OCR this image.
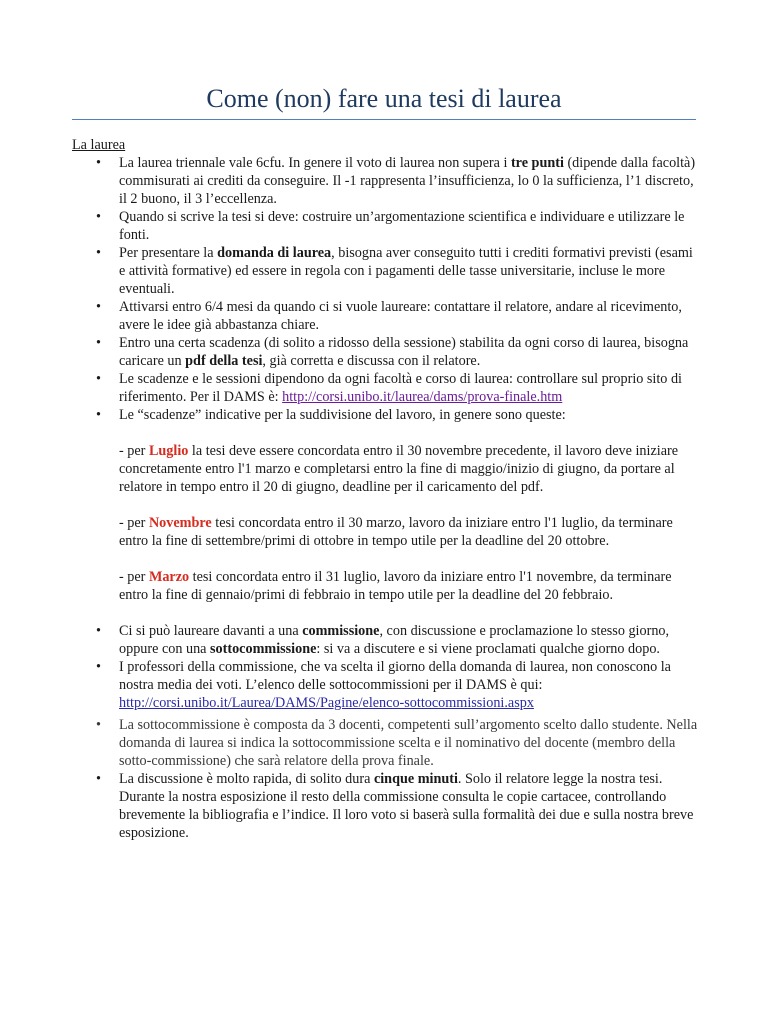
Come (non) fare una tesi di laurea

La laurea

• La laurea triennale vale 6cfu. In genere il voto di laurea non supera i tre punti (dipende dalla facoltà) commisurati ai crediti da conseguire. Il -1 rappresenta l’insufficienza, lo 0 la sufficienza, l’1 discreto, il 2 buono, il 3 l’eccellenza.
• Quando si scrive la tesi si deve: costruire un’argomentazione scientifica e individuare e utilizzare le fonti.
• Per presentare la domanda di laurea, bisogna aver conseguito tutti i crediti formativi previsti (esami e attività formative) ed essere in regola con i pagamenti delle tasse universitarie, incluse le more eventuali.
• Attivarsi entro 6/4 mesi da quando ci si vuole laureare: contattare il relatore, andare al ricevimento, avere le idee già abbastanza chiare.
• Entro una certa scadenza (di solito a ridosso della sessione) stabilita da ogni corso di laurea, bisogna caricare un pdf della tesi, già corretta e discussa con il relatore.
• Le scadenze e le sessioni dipendono da ogni facoltà e corso di laurea: controllare sul proprio sito di riferimento. Per il DAMS è: http://corsi.unibo.it/laurea/dams/prova-finale.htm
• Le “scadenze” indicative per la suddivisione del lavoro, in genere sono queste:
- per Luglio la tesi deve essere concordata entro il 30 novembre precedente, il lavoro deve iniziare concretamente entro l'1 marzo e completarsi entro la fine di maggio/inizio di giugno, da portare al relatore in tempo entro il 20 di giugno, deadline per il caricamento del pdf.
- per Novembre tesi concordata entro il 30 marzo, lavoro da iniziare entro l'1 luglio, da terminare entro la fine di settembre/primi di ottobre in tempo utile per la deadline del 20 ottobre.
- per Marzo tesi concordata entro il 31 luglio, lavoro da iniziare entro l'1 novembre, da terminare entro la fine di gennaio/primi di febbraio in tempo utile per la deadline del 20 febbraio.
• Ci si può laureare davanti a una commissione, con discussione e proclamazione lo stesso giorno, oppure con una sottocommissione: si va a discutere e si viene proclamati qualche giorno dopo.
• I professori della commissione, che va scelta il giorno della domanda di laurea, non conoscono la nostra media dei voti. L’elenco delle sottocommissioni per il DAMS è qui: http://corsi.unibo.it/Laurea/DAMS/Pagine/elenco-sottocommissioni.aspx
• La sottocommissione è composta da 3 docenti, competenti sull’argomento scelto dallo studente. Nella domanda di laurea si indica la sottocommissione scelta e il nominativo del docente (membro della sotto-commissione) che sarà relatore della prova finale.
• La discussione è molto rapida, di solito dura cinque minuti. Solo il relatore legge la nostra tesi. Durante la nostra esposizione il resto della commissione consulta le copie cartacee, controllando brevemente la bibliografia e l’indice. Il loro voto si baserà sulla formalità dei due e sulla nostra breve esposizione.
